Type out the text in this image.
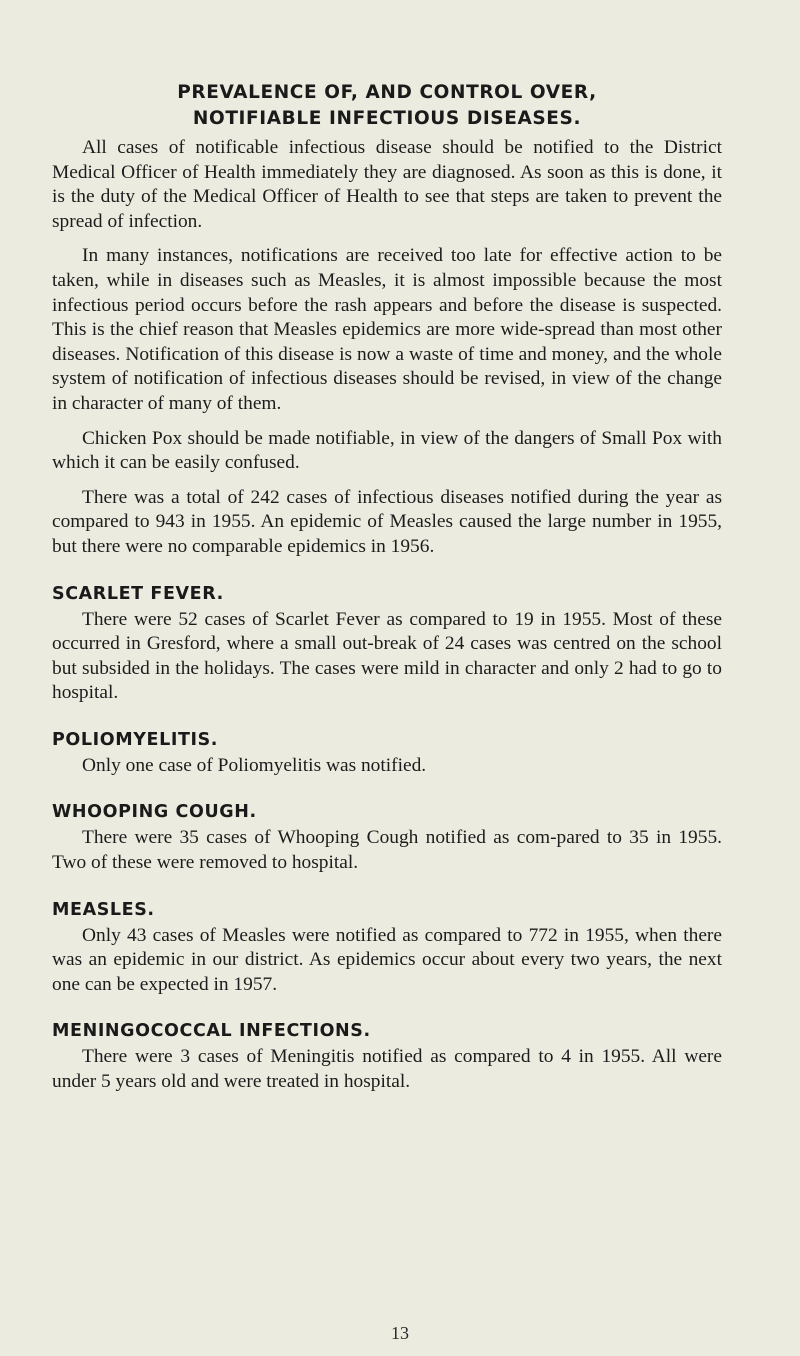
PREVALENCE OF, AND CONTROL OVER,
NOTIFIABLE INFECTIOUS DISEASES.

All cases of notificable infectious disease should be notified to the District Medical Officer of Health immediately they are diagnosed. As soon as this is done, it is the duty of the Medical Officer of Health to see that steps are taken to prevent the spread of infection.

In many instances, notifications are received too late for effective action to be taken, while in diseases such as Measles, it is almost impossible because the most infectious period occurs before the rash appears and before the disease is suspected. This is the chief reason that Measles epidemics are more wide-spread than most other diseases. Notification of this disease is now a waste of time and money, and the whole system of notification of infectious diseases should be revised, in view of the change in character of many of them.

Chicken Pox should be made notifiable, in view of the dangers of Small Pox with which it can be easily confused.

There was a total of 242 cases of infectious diseases notified during the year as compared to 943 in 1955. An epidemic of Measles caused the large number in 1955, but there were no comparable epidemics in 1956.

SCARLET FEVER.

There were 52 cases of Scarlet Fever as compared to 19 in 1955. Most of these occurred in Gresford, where a small out-break of 24 cases was centred on the school but subsided in the holidays. The cases were mild in character and only 2 had to go to hospital.

POLIOMYELITIS.

Only one case of Poliomyelitis was notified.

WHOOPING COUGH.

There were 35 cases of Whooping Cough notified as com-pared to 35 in 1955. Two of these were removed to hospital.

MEASLES.

Only 43 cases of Measles were notified as compared to 772 in 1955, when there was an epidemic in our district. As epidemics occur about every two years, the next one can be expected in 1957.

MENINGOCOCCAL INFECTIONS.

There were 3 cases of Meningitis notified as compared to 4 in 1955. All were under 5 years old and were treated in hospital.

13
